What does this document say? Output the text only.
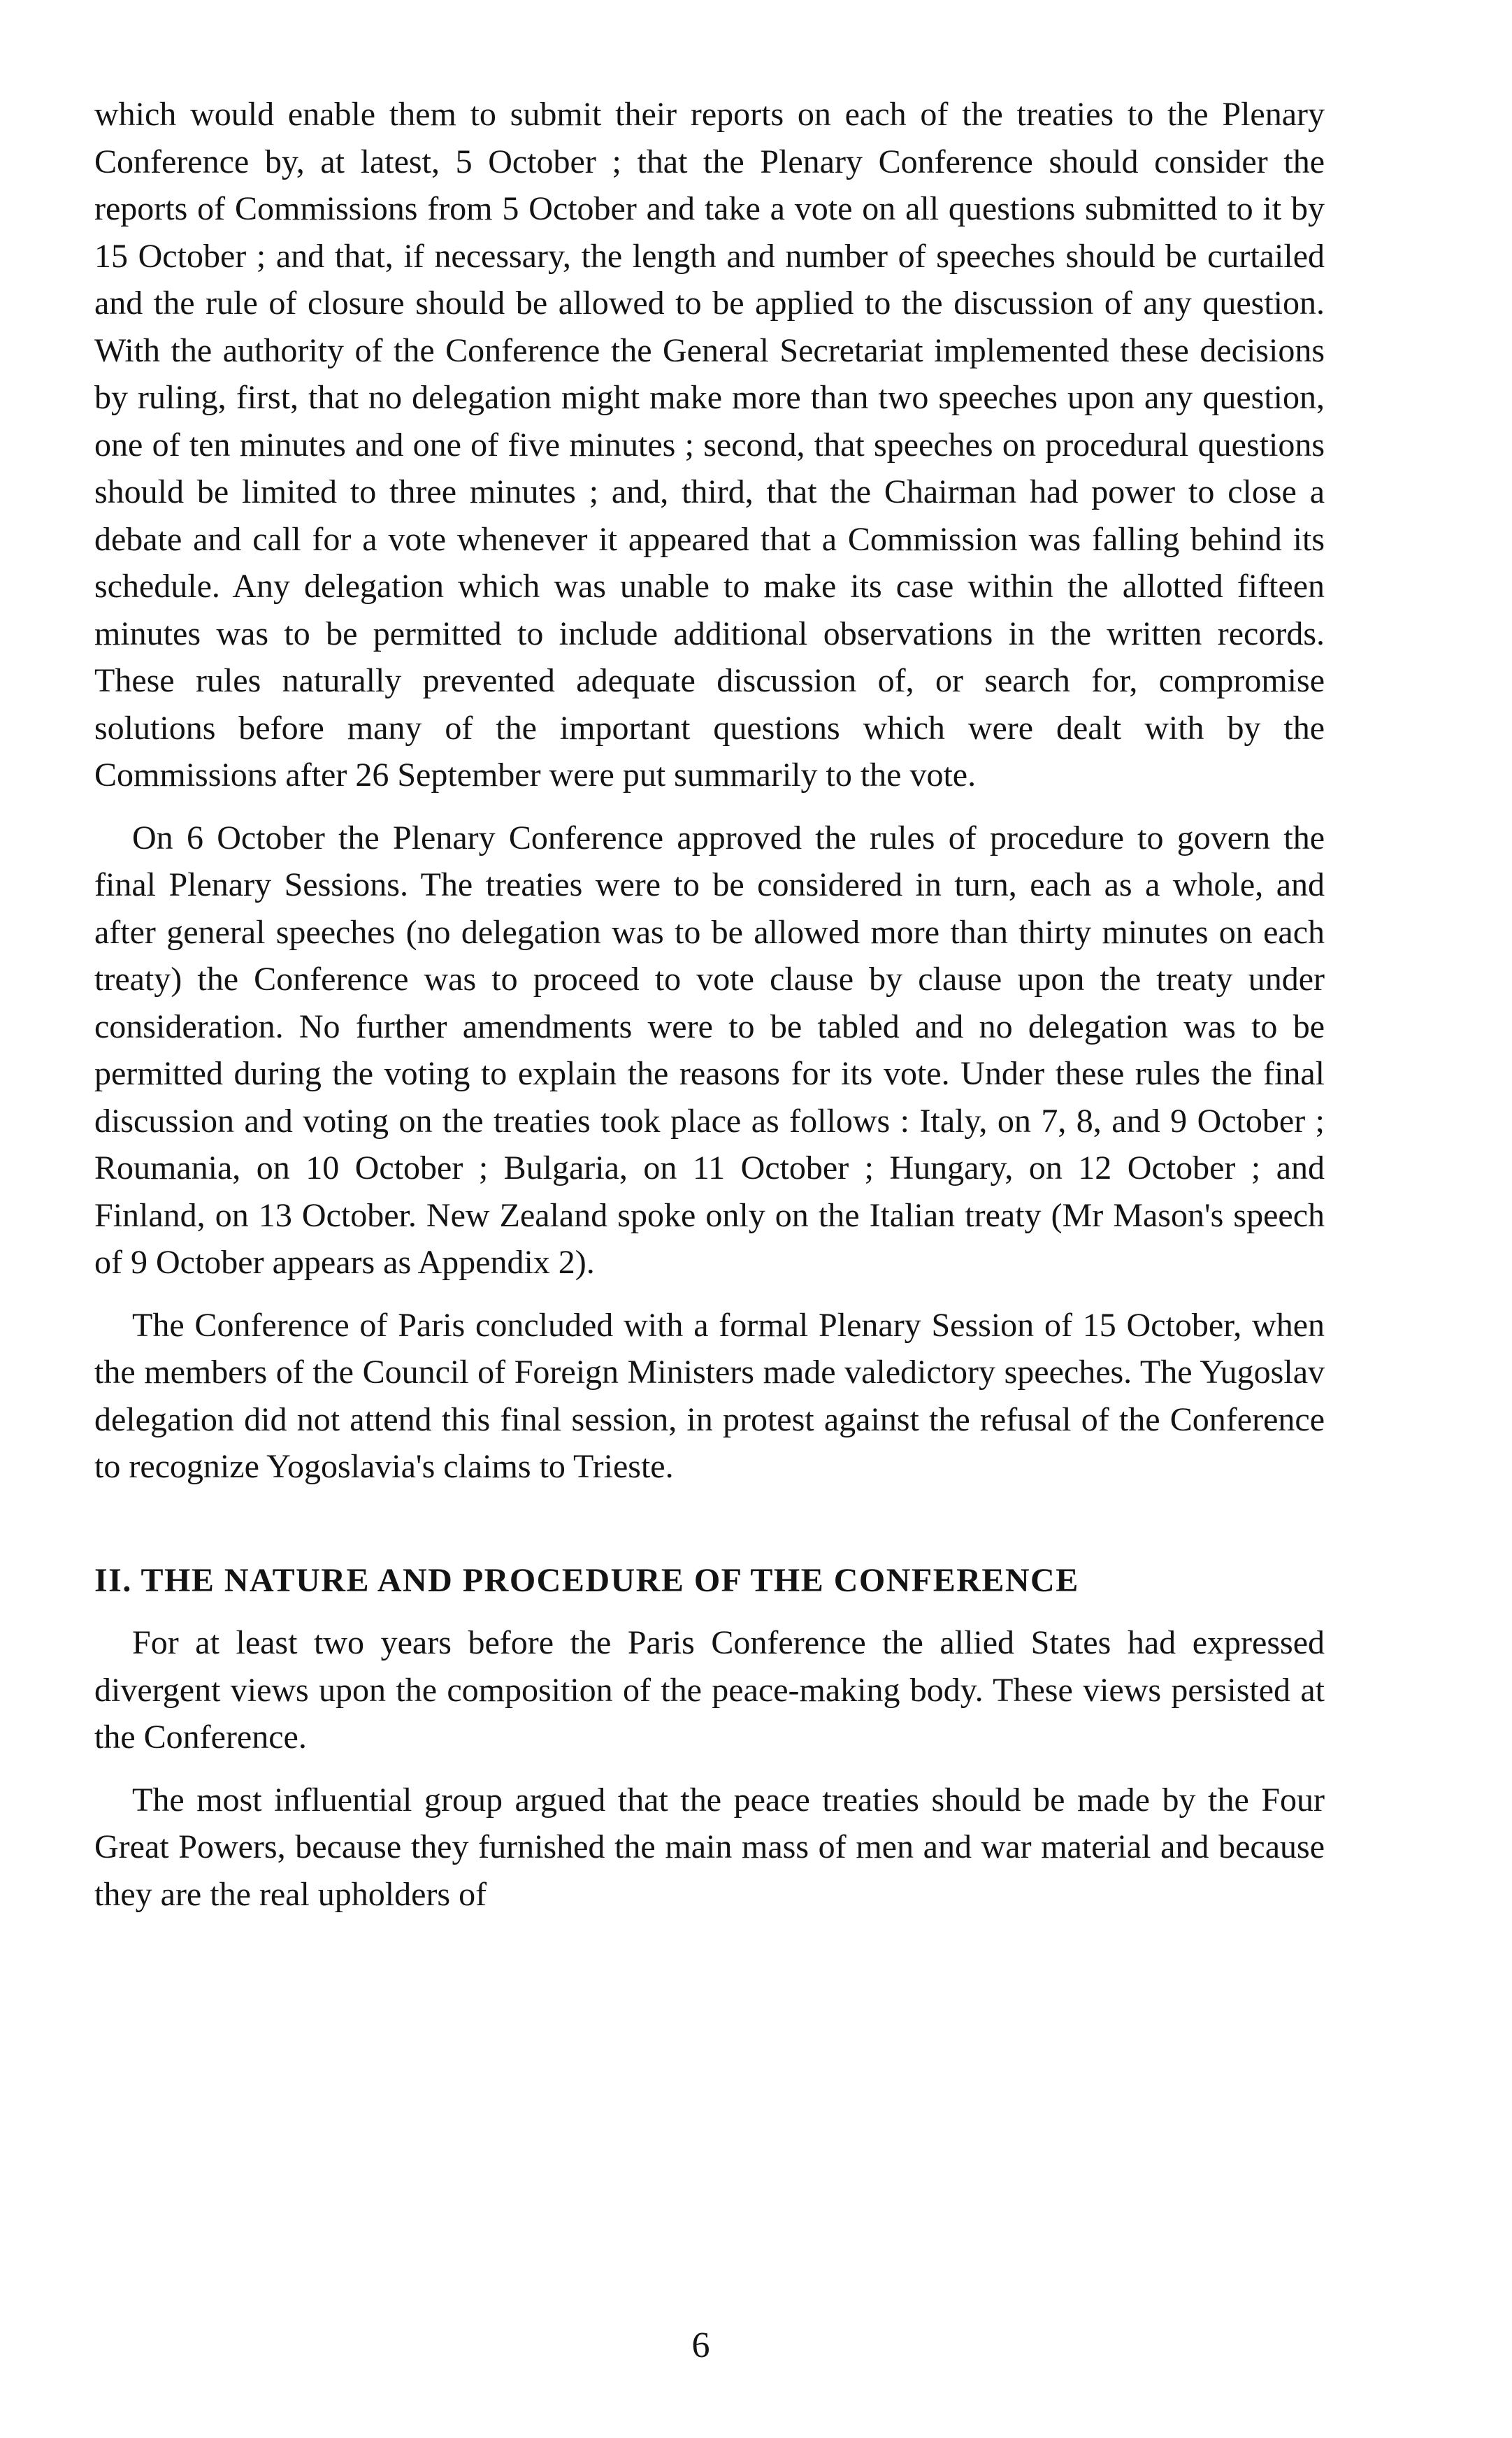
which would enable them to submit their reports on each of the treaties to the Plenary Conference by, at latest, 5 October ; that the Plenary Conference should consider the reports of Commissions from 5 October and take a vote on all questions submitted to it by 15 October ; and that, if necessary, the length and number of speeches should be curtailed and the rule of closure should be allowed to be applied to the discussion of any question. With the authority of the Conference the General Secretariat implemented these decisions by ruling, first, that no delegation might make more than two speeches upon any question, one of ten minutes and one of five minutes ; second, that speeches on procedural questions should be limited to three minutes ; and, third, that the Chairman had power to close a debate and call for a vote whenever it appeared that a Commission was falling behind its schedule. Any delegation which was unable to make its case within the allotted fifteen minutes was to be permitted to include additional observations in the written records. These rules naturally prevented adequate discussion of, or search for, compromise solutions before many of the important questions which were dealt with by the Commissions after 26 September were put summarily to the vote.

On 6 October the Plenary Conference approved the rules of procedure to govern the final Plenary Sessions. The treaties were to be considered in turn, each as a whole, and after general speeches (no delegation was to be allowed more than thirty minutes on each treaty) the Conference was to proceed to vote clause by clause upon the treaty under consideration. No further amendments were to be tabled and no delegation was to be permitted during the voting to explain the reasons for its vote. Under these rules the final discussion and voting on the treaties took place as follows : Italy, on 7, 8, and 9 October ; Roumania, on 10 October ; Bulgaria, on 11 October ; Hungary, on 12 October ; and Finland, on 13 October. New Zealand spoke only on the Italian treaty (Mr Mason's speech of 9 October appears as Appendix 2).

The Conference of Paris concluded with a formal Plenary Session of 15 October, when the members of the Council of Foreign Ministers made valedictory speeches. The Yugoslav delegation did not attend this final session, in protest against the refusal of the Conference to recognize Yogoslavia's claims to Trieste.

II. THE NATURE AND PROCEDURE OF THE CONFERENCE

For at least two years before the Paris Conference the allied States had expressed divergent views upon the composition of the peace-making body. These views persisted at the Conference.

The most influential group argued that the peace treaties should be made by the Four Great Powers, because they furnished the main mass of men and war material and because they are the real upholders of

6
